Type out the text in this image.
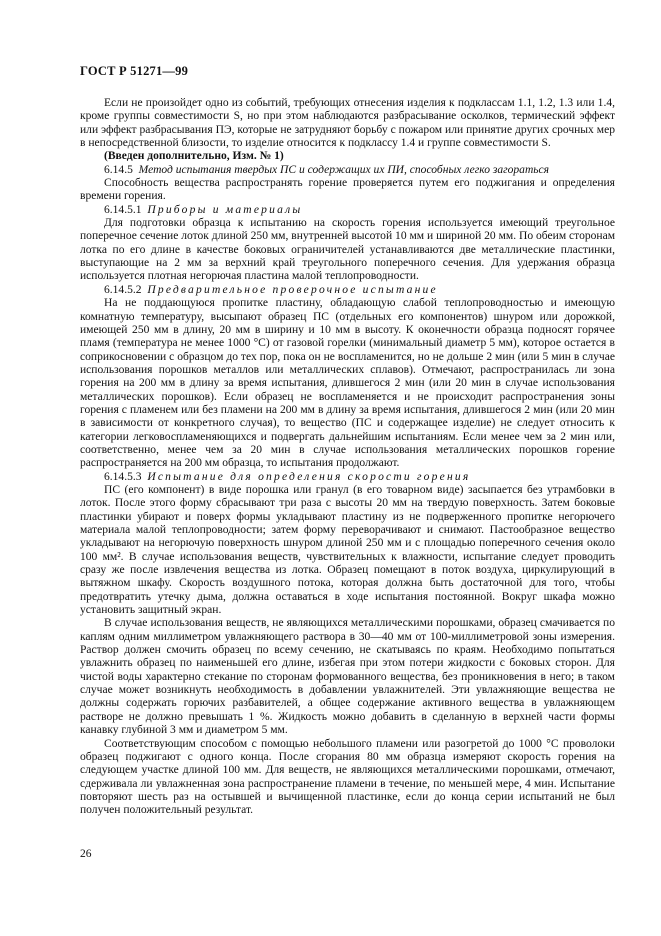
ГОСТ Р 51271—99

Если не произойдет одно из событий, требующих отнесения изделия к подклассам 1.1, 1.2, 1.3 или 1.4, кроме группы совместимости S, но при этом наблюдаются разбрасывание осколков, термический эффект или эффект разбрасывания ПЭ, которые не затрудняют борьбу с пожаром или принятие других срочных мер в непосредственной близости, то изделие относится к подклассу 1.4 и группе совместимости S.

(Введен дополнительно, Изм. № 1)

6.14.5 Метод испытания твердых ПС и содержащих их ПИ, способных легко загораться

Способность вещества распространять горение проверяется путем его поджигания и определения времени горения.

6.14.5.1 Приборы и материалы

Для подготовки образца к испытанию на скорость горения используется имеющий треугольное поперечное сечение лоток длиной 250 мм, внутренней высотой 10 мм и шириной 20 мм. По обеим сторонам лотка по его длине в качестве боковых ограничителей устанавливаются две металлические пластинки, выступающие на 2 мм за верхний край треугольного поперечного сечения. Для удержания образца используется плотная негорючая пластина малой теплопроводности.

6.14.5.2 Предварительное проверочное испытание

На не поддающуюся пропитке пластину, обладающую слабой теплопроводностью и имеющую комнатную температуру, высыпают образец ПС (отдельных его компонентов) шнуром или дорожкой, имеющей 250 мм в длину, 20 мм в ширину и 10 мм в высоту. К оконечности образца подносят горячее пламя (температура не менее 1000 °С) от газовой горелки (минимальный диаметр 5 мм), которое остается в соприкосновении с образцом до тех пор, пока он не воспламенится, но не дольше 2 мин (или 5 мин в случае использования порошков металлов или металлических сплавов). Отмечают, распространилась ли зона горения на 200 мм в длину за время испытания, длившегося 2 мин (или 20 мин в случае использования металлических порошков). Если образец не воспламеняется и не происходит распространения зоны горения с пламенем или без пламени на 200 мм в длину за время испытания, длившегося 2 мин (или 20 мин в зависимости от конкретного случая), то вещество (ПС и содержащее изделие) не следует относить к категории легковоспламеняющихся и подвергать дальнейшим испытаниям. Если менее чем за 2 мин или, соответственно, менее чем за 20 мин в случае использования металлических порошков горение распространяется на 200 мм образца, то испытания продолжают.

6.14.5.3 Испытание для определения скорости горения

ПС (его компонент) в виде порошка или гранул (в его товарном виде) засыпается без утрамбовки в лоток. После этого форму сбрасывают три раза с высоты 20 мм на твердую поверхность. Затем боковые пластинки убирают и поверх формы укладывают пластину из не подверженного пропитке негорючего материала малой теплопроводности; затем форму переворачивают и снимают. Пастообразное вещество укладывают на негорючую поверхность шнуром длиной 250 мм и с площадью поперечного сечения около 100 мм². В случае использования веществ, чувствительных к влажности, испытание следует проводить сразу же после извлечения вещества из лотка. Образец помещают в поток воздуха, циркулирующий в вытяжном шкафу. Скорость воздушного потока, которая должна быть достаточной для того, чтобы предотвратить утечку дыма, должна оставаться в ходе испытания постоянной. Вокруг шкафа можно установить защитный экран.

В случае использования веществ, не являющихся металлическими порошками, образец смачивается по каплям одним миллиметром увлажняющего раствора в 30—40 мм от 100-миллиметровой зоны измерения. Раствор должен смочить образец по всему сечению, не скатываясь по краям. Необходимо попытаться увлажнить образец по наименьшей его длине, избегая при этом потери жидкости с боковых сторон. Для чистой воды характерно стекание по сторонам формованного вещества, без проникновения в него; в таком случае может возникнуть необходимость в добавлении увлажнителей. Эти увлажняющие вещества не должны содержать горючих разбавителей, а общее содержание активного вещества в увлажняющем растворе не должно превышать 1 %. Жидкость можно добавить в сделанную в верхней части формы канавку глубиной 3 мм и диаметром 5 мм.

Соответствующим способом с помощью небольшого пламени или разогретой до 1000 °С проволоки образец поджигают с одного конца. После сгорания 80 мм образца измеряют скорость горения на следующем участке длиной 100 мм. Для веществ, не являющихся металлическими порошками, отмечают, сдерживала ли увлажненная зона распространение пламени в течение, по меньшей мере, 4 мин. Испытание повторяют шесть раз на остывшей и вычищенной пластинке, если до конца серии испытаний не был получен положительный результат.

26
